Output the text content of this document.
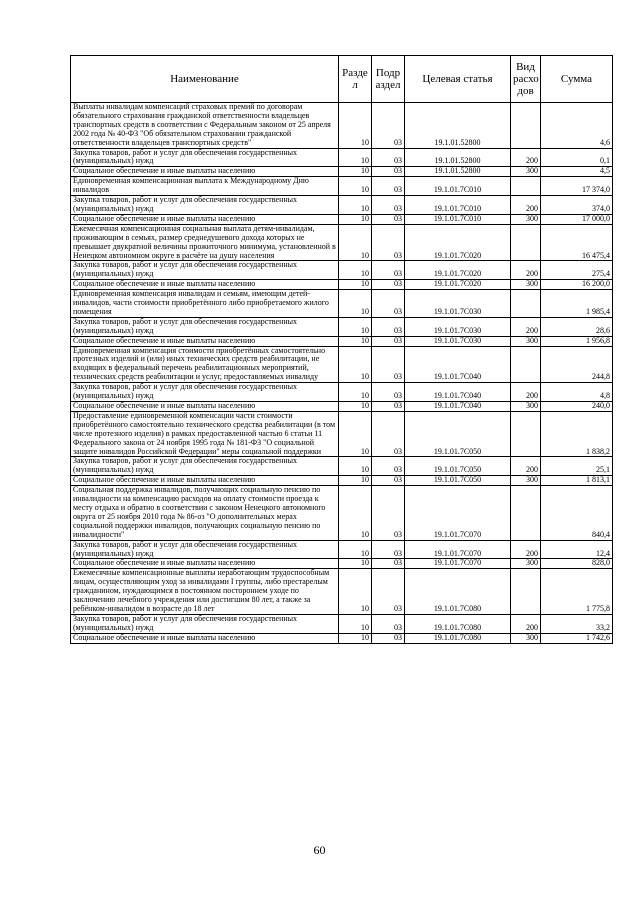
Наименование	Разде л	Подр аздел	Целевая статья	Вид расхо дов	Сумма
Выплаты инвалидам компенсаций страховых премий по договорам обязательного страхования гражданской ответственности владельцев транспортных средств в соответствии с Федеральным законом от 25 апреля 2002 года № 40-ФЗ "Об обязательном страховании гражданской ответственности владельцев транспортных средств"	10	03	19.1.01.52800		4,6
Закупка товаров, работ и услуг для обеспечения государственных (муниципальных) нужд	10	03	19.1.01.52800	200	0,1
Социальное обеспечение и иные выплаты населению	10	03	19.1.01.52800	300	4,5
Единовременная компенсационная выплата к Международному Дню инвалидов	10	03	19.1.01.7С010		17 374,0
Закупка товаров, работ и услуг для обеспечения государственных (муниципальных) нужд	10	03	19.1.01.7С010	200	374,0
Социальное обеспечение и иные выплаты населению	10	03	19.1.01.7С010	300	17 000,0
Ежемесячная компенсационная социальная выплата детям-инвалидам, проживающим в семьях, размер среднедушевого дохода которых не превышает двукратной величины прожиточного минимума, установленной в Ненецком автономном округе в расчёте на душу населения	10	03	19.1.01.7С020		16 475,4
Закупка товаров, работ и услуг для обеспечения государственных (муниципальных) нужд	10	03	19.1.01.7С020	200	275,4
Социальное обеспечение и иные выплаты населению	10	03	19.1.01.7С020	300	16 200,0
Единовременная компенсация инвалидам и семьям, имеющим детей-инвалидов, части стоимости приобретённого либо приобретаемого жилого помещения	10	03	19.1.01.7С030		1 985,4
Закупка товаров, работ и услуг для обеспечения государственных (муниципальных) нужд	10	03	19.1.01.7С030	200	28,6
Социальное обеспечение и иные выплаты населению	10	03	19.1.01.7С030	300	1 956,8
Единовременная компенсация стоимости приобретённых самостоятельно протезных изделий и (или) иных технических средств реабилитации, не входящих в федеральный перечень реабилитационных мероприятий, технических средств реабилитации и услуг, предоставляемых инвалиду	10	03	19.1.01.7С040		244,8
Закупка товаров, работ и услуг для обеспечения государственных (муниципальных) нужд	10	03	19.1.01.7С040	200	4,8
Социальное обеспечение и иные выплаты населению	10	03	19.1.01.7С040	300	240,0
Предоставление единовременной компенсации части стоимости приобретённого самостоятельно технического средства реабилитации (в том числе протезного изделия) в рамках предоставленной частью 6 статьи 11 Федерального закона от 24 ноября 1995 года № 181-ФЗ "О социальной защите инвалидов Российской Федерации" меры социальной поддержки	10	03	19.1.01.7С050		1 838,2
Закупка товаров, работ и услуг для обеспечения государственных (муниципальных) нужд	10	03	19.1.01.7С050	200	25,1
Социальное обеспечение и иные выплаты населению	10	03	19.1.01.7С050	300	1 813,1
Социальная поддержка инвалидов, получающих социальную пенсию по инвалидности на компенсацию расходов на оплату стоимости проезда к месту отдыха и обратно в соответствии с законом Ненецкого автономного округа от 25 ноября 2010 года № 86-оз "О дополнительных мерах социальной поддержки инвалидов, получающих социальную пенсию по инвалидности"	10	03	19.1.01.7С070		840,4
Закупка товаров, работ и услуг для обеспечения государственных (муниципальных) нужд	10	03	19.1.01.7С070	200	12,4
Социальное обеспечение и иные выплаты населению	10	03	19.1.01.7С070	300	828,0
Ежемесячные компенсационные выплаты неработающим трудоспособным лицам, осуществляющим уход за инвалидами I группы, либо престарелым гражданином, нуждающимся в постоянном постороннем уходе по заключению лечебного учреждения или достигшим 80 лет, а также за ребёнком-инвалидом в возрасте до 18 лет	10	03	19.1.01.7С080		1 775,8
Закупка товаров, работ и услуг для обеспечения государственных (муниципальных) нужд	10	03	19.1.01.7С080	200	33,2
Социальное обеспечение и иные выплаты населению	10	03	19.1.01.7С080	300	1 742,6
60
